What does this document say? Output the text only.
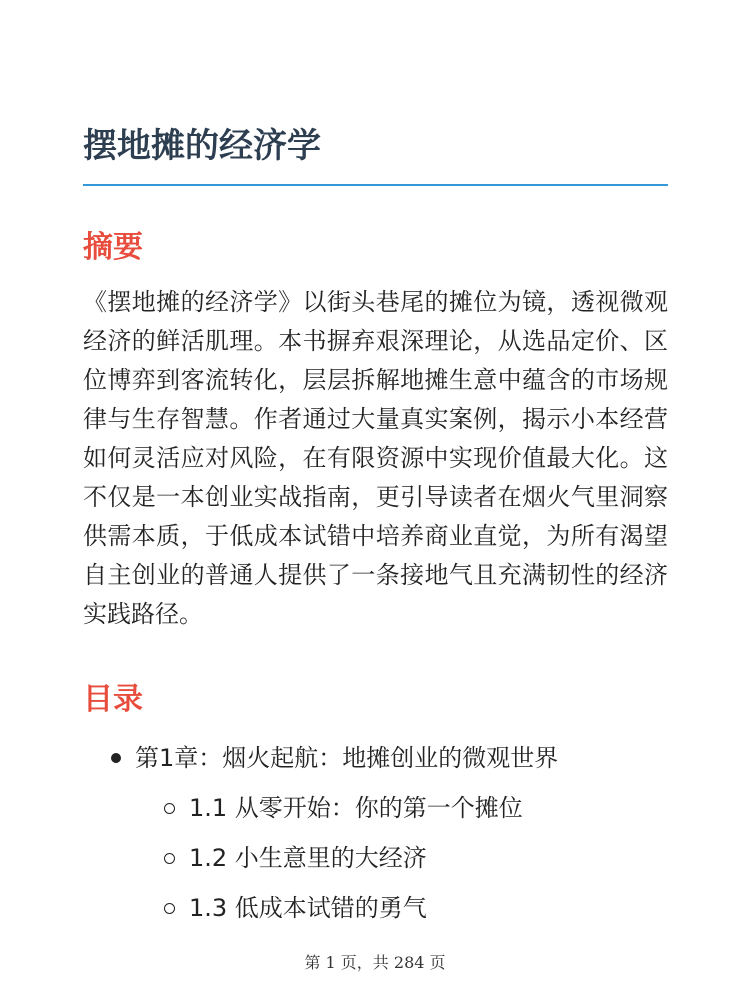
摆地摊的经济学
摘要

《摆地摊的经济学》以街头巷尾的摊位为镜，透视微观经济的鲜活肌理。本书摒弃艰深理论，从选品定价、区位博弈到客流转化，层层拆解地摊生意中蕴含的市场规律与生存智慧。作者通过大量真实案例，揭示小本经营如何灵活应对风险，在有限资源中实现价值最大化。这不仅是一本创业实战指南，更引导读者在烟火气里洞察供需本质，于低成本试错中培养商业直觉，为所有渴望自主创业的普通人提供了一条接地气且充满韧性的经济实践路径。

目录
第1章：烟火起航：地摊创业的微观世界
1.1 从零开始：你的第一个摊位
1.2 小生意里的大经济
1.3 低成本试错的勇气
第 1 页，共 284 页
